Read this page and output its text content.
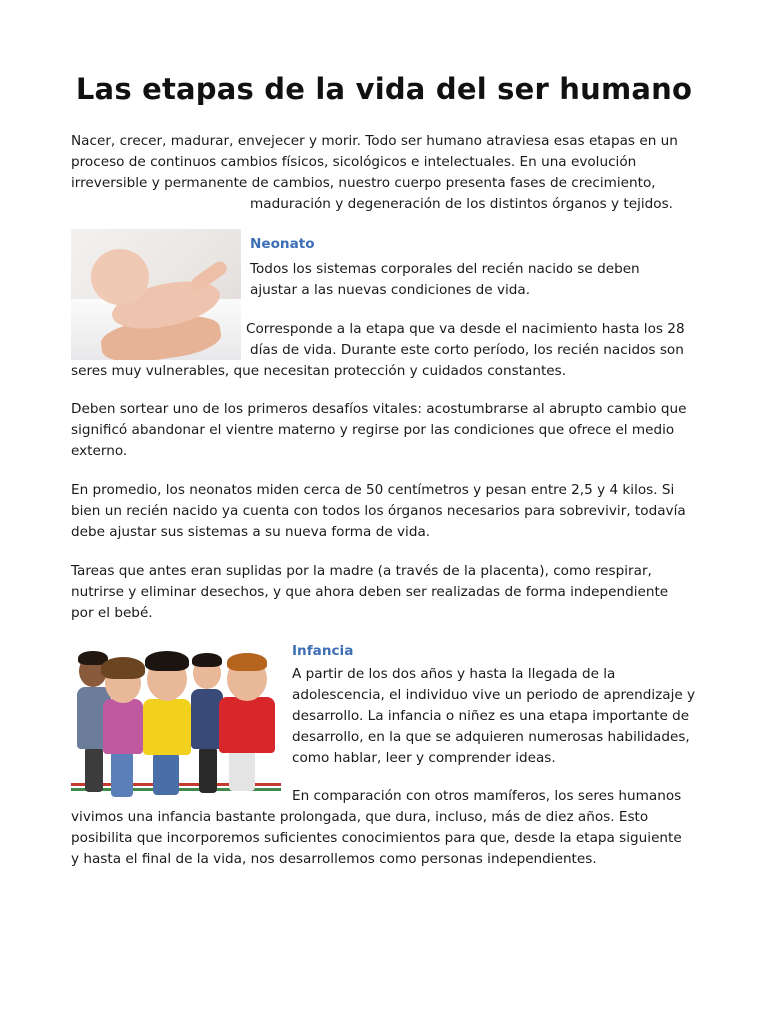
Las etapas de la vida del ser humano

Nacer, crecer, madurar, envejecer y morir. Todo ser humano atraviesa esas etapas en un

proceso de continuos cambios físicos, sicológicos e intelectuales. En una evolución

irreversible y permanente de cambios, nuestro cuerpo presenta fases de crecimiento,

maduración y degeneración de los distintos órganos y tejidos.

Neonato

Todos los sistemas corporales del recién nacido se deben

ajustar a las nuevas condiciones de vida.

Corresponde a la etapa que va desde el nacimiento hasta los 28

días de vida. Durante este corto período, los recién nacidos son

seres muy vulnerables, que necesitan protección y cuidados constantes.

Deben sortear uno de los primeros desafíos vitales: acostumbrarse al abrupto cambio que

significó abandonar el vientre materno y regirse por las condiciones que ofrece el medio

externo.

En promedio, los neonatos miden cerca de 50 centímetros y pesan entre 2,5 y 4 kilos. Si

bien un recién nacido ya cuenta con todos los órganos necesarios para sobrevivir, todavía

debe ajustar sus sistemas a su nueva forma de vida.

Tareas que antes eran suplidas por la madre (a través de la placenta), como respirar,

nutrirse y eliminar desechos, y que ahora deben ser realizadas de forma independiente

por el bebé.

Infancia

A partir de los dos años y hasta la llegada de la

adolescencia, el individuo vive un periodo de aprendizaje y

desarrollo. La infancia o niñez es una etapa importante de

desarrollo, en la que se adquieren numerosas habilidades,

como hablar, leer y comprender ideas.

En comparación con otros mamíferos, los seres humanos

vivimos una infancia bastante prolongada, que dura, incluso, más de diez años. Esto

posibilita que incorporemos suficientes conocimientos para que, desde la etapa siguiente

y hasta el final de la vida, nos desarrollemos como personas independientes.
